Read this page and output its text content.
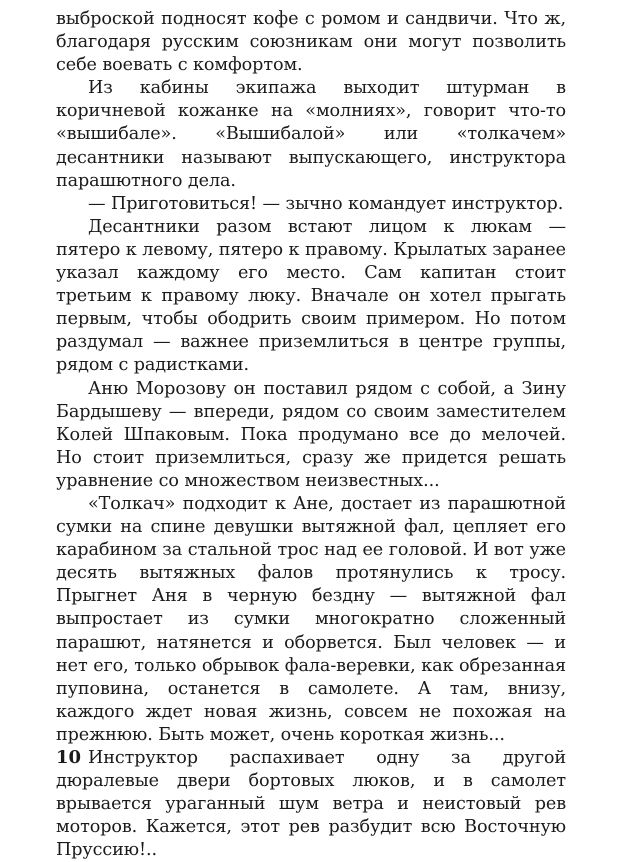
выброской подносят кофе с ромом и сандвичи. Что ж, благодаря русским союзникам они могут позволить себе воевать с комфортом.

Из кабины экипажа выходит штурман в коричневой кожанке на «молниях», говорит что-то «вышибале». «Вышибалой» или «толкачем» десантники называют выпускающего, инструктора парашютного дела.

— Приготовиться! — зычно командует инструктор.

Десантники разом встают лицом к люкам — пятеро к левому, пятеро к правому. Крылатых заранее указал каждому его место. Сам капитан стоит третьим к правому люку. Вначале он хотел прыгать первым, чтобы ободрить своим примером. Но потом раздумал — важнее приземлиться в центре группы, рядом с радистками.

Аню Морозову он поставил рядом с собой, а Зину Бардышеву — впереди, рядом со своим заместителем Колей Шпаковым. Пока продумано все до мелочей. Но стоит приземлиться, сразу же придется решать уравнение со множеством неизвестных...

«Толкач» подходит к Ане, достает из парашютной сумки на спине девушки вытяжной фал, цепляет его карабином за стальной трос над ее головой. И вот уже десять вытяжных фалов протянулись к тросу. Прыгнет Аня в черную бездну — вытяжной фал выпростает из сумки многократно сложенный парашют, натянется и оборвется. Был человек — и нет его, только обрывок фала-веревки, как обрезанная пуповина, останется в самолете. А там, внизу, каждого ждет новая жизнь, совсем не похожая на прежнюю. Быть может, очень короткая жизнь...

Инструктор распахивает одну за другой дюралевые двери бортовых люков, и в самолет врывается ураганный шум ветра и неистовый рев моторов. Кажется, этот рев разбудит всю Восточную Пруссию!..

10
